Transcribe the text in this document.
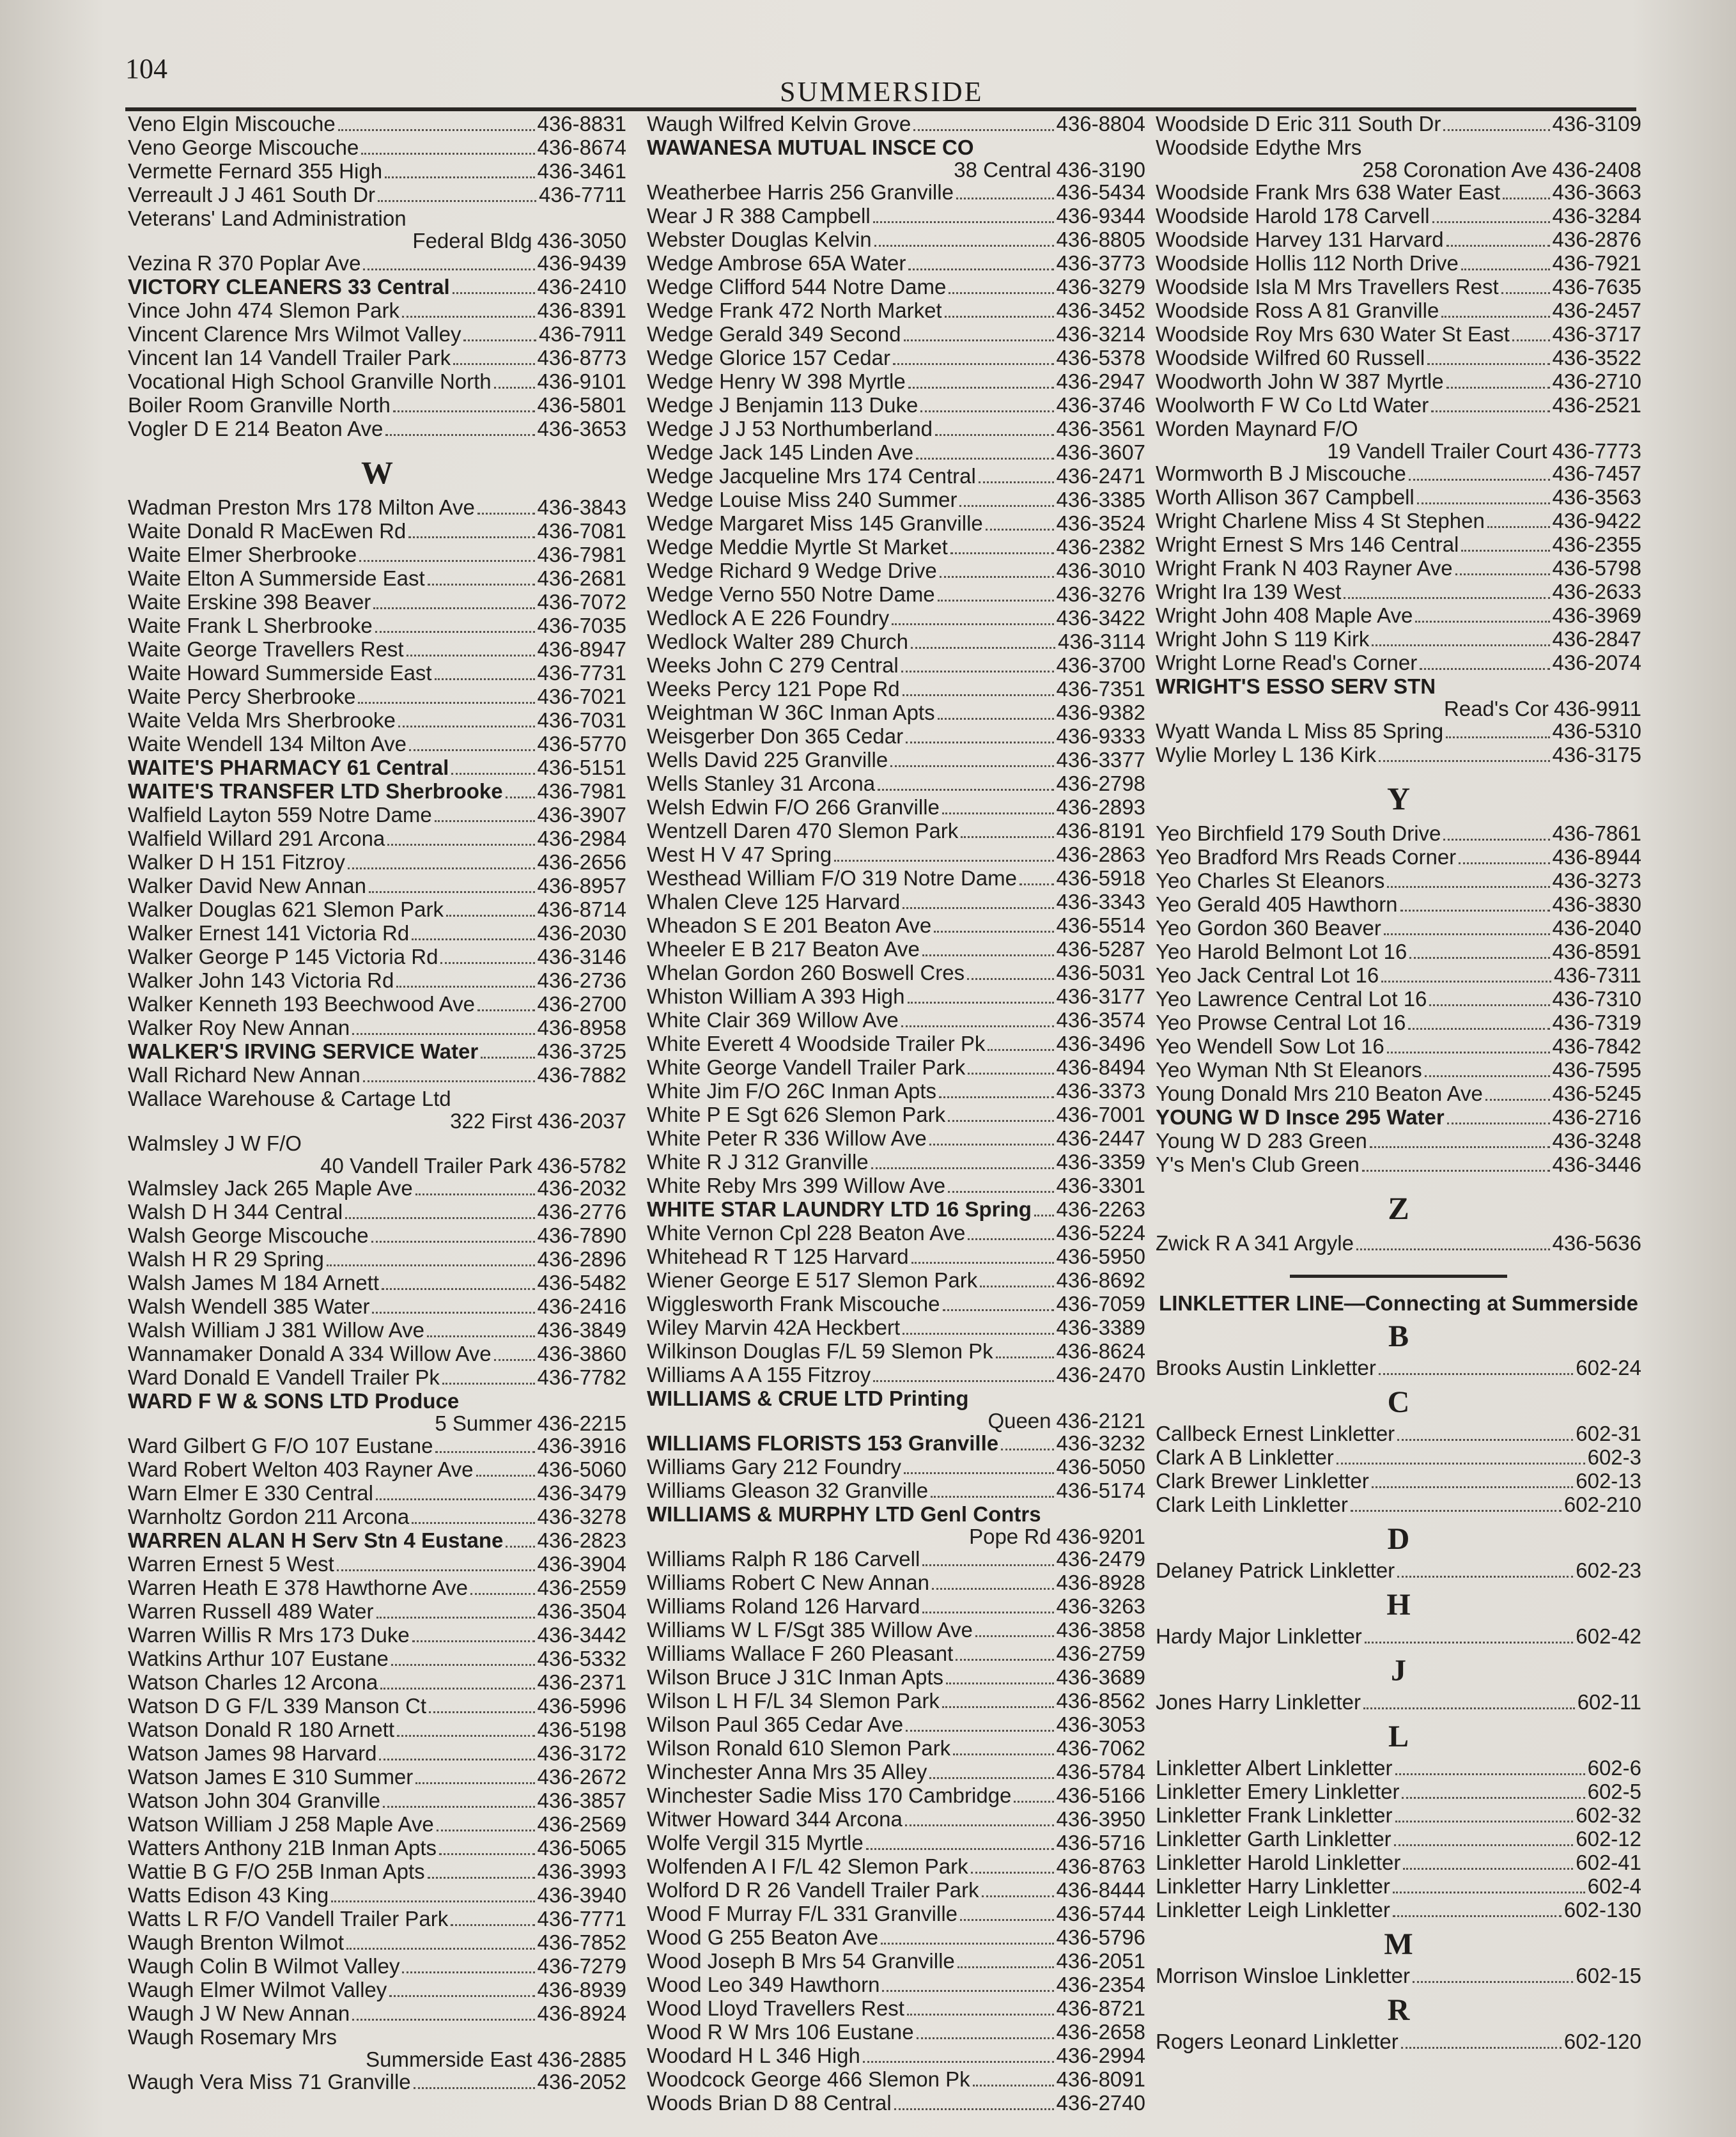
104
SUMMERSIDE
Veno Elgin Miscouche	436-8831
Veno George Miscouche	436-8674
Vermette Fernard 355 High	436-3461
Verreault J J 461 South Dr	436-7711
Veterans' Land Administration
Federal Bldg 436-3050
Vezina R 370 Poplar Ave	436-9439
VICTORY CLEANERS 33 Central	436-2410
Vince John 474 Slemon Park	436-8391
Vincent Clarence Mrs Wilmot Valley	436-7911
Vincent Ian 14 Vandell Trailer Park	436-8773
Vocational High School Granville North 436-9101
Boiler Room Granville North	436-5801
Vogler D E 214 Beaton Ave	436-3653
W
Wadman Preston Mrs 178 Milton Ave	436-3843
Waite Donald R MacEwen Rd	436-7081
Waite Elmer Sherbrooke	436-7981
Waite Elton A Summerside East	436-2681
Waite Erskine 398 Beaver	436-7072
Waite Frank L Sherbrooke	436-7035
Waite George Travellers Rest	436-8947
Waite Howard Summerside East	436-7731
Waite Percy Sherbrooke	436-7021
Waite Velda Mrs Sherbrooke	436-7031
Waite Wendell 134 Milton Ave	436-5770
WAITE'S PHARMACY 61 Central	436-5151
WAITE'S TRANSFER LTD Sherbrooke 436-7981
Walfield Layton 559 Notre Dame	436-3907
Walfield Willard 291 Arcona	436-2984
Walker D H 151 Fitzroy	436-2656
Walker David New Annan	436-8957
Walker Douglas 621 Slemon Park	436-8714
Walker Ernest 141 Victoria Rd	436-2030
Walker George P 145 Victoria Rd	436-3146
Walker John 143 Victoria Rd	436-2736
Walker Kenneth 193 Beechwood Ave	436-2700
Walker Roy New Annan	436-8958
WALKER'S IRVING SERVICE Water	436-3725
Wall Richard New Annan	436-7882
Wallace Warehouse & Cartage Ltd
322 First 436-2037
Walmsley J W F/O
40 Vandell Trailer Park 436-5782
Walmsley Jack 265 Maple Ave	436-2032
Walsh D H 344 Central	436-2776
Walsh George Miscouche	436-7890
Walsh H R 29 Spring	436-2896
Walsh James M 184 Arnett	436-5482
Walsh Wendell 385 Water	436-2416
Walsh William J 381 Willow Ave	436-3849
Wannamaker Donald A 334 Willow Ave 436-3860
Ward Donald E Vandell Trailer Pk	436-7782
WARD F W & SONS LTD Produce
5 Summer 436-2215
Ward Gilbert G F/O 107 Eustane	436-3916
Ward Robert Welton 403 Rayner Ave	436-5060
Warn Elmer E 330 Central	436-3479
Warnholtz Gordon 211 Arcona	436-3278
WARREN ALAN H Serv Stn 4 Eustane 436-2823
Warren Ernest 5 West	436-3904
Warren Heath E 378 Hawthorne Ave	436-2559
Warren Russell 489 Water	436-3504
Warren Willis R Mrs 173 Duke	436-3442
Watkins Arthur 107 Eustane	436-5332
Watson Charles 12 Arcona	436-2371
Watson D G F/L 339 Manson Ct	436-5996
Watson Donald R 180 Arnett	436-5198
Watson James 98 Harvard	436-3172
Watson James E 310 Summer	436-2672
Watson John 304 Granville	436-3857
Watson William J 258 Maple Ave	436-2569
Watters Anthony 21B Inman Apts	436-5065
Wattie B G F/O 25B Inman Apts	436-3993
Watts Edison 43 King	436-3940
Watts L R F/O Vandell Trailer Park	436-7771
Waugh Brenton Wilmot	436-7852
Waugh Colin B Wilmot Valley	436-7279
Waugh Elmer Wilmot Valley	436-8939
Waugh J W New Annan	436-8924
Waugh Rosemary Mrs
Summerside East 436-2885
Waugh Vera Miss 71 Granville	436-2052
Waugh Wilfred Kelvin Grove	436-8804
WAWANESA MUTUAL INSCE CO
38 Central 436-3190
Weatherbee Harris 256 Granville	436-5434
Wear J R 388 Campbell	436-9344
Webster Douglas Kelvin	436-8805
Wedge Ambrose 65A Water	436-3773
Wedge Clifford 544 Notre Dame	436-3279
Wedge Frank 472 North Market	436-3452
Wedge Gerald 349 Second	436-3214
Wedge Glorice 157 Cedar	436-5378
Wedge Henry W 398 Myrtle	436-2947
Wedge J Benjamin 113 Duke	436-3746
Wedge J J 53 Northumberland	436-3561
Wedge Jack 145 Linden Ave	436-3607
Wedge Jacqueline Mrs 174 Central	436-2471
Wedge Louise Miss 240 Summer	436-3385
Wedge Margaret Miss 145 Granville	436-3524
Wedge Meddie Myrtle St Market	436-2382
Wedge Richard 9 Wedge Drive	436-3010
Wedge Verno 550 Notre Dame	436-3276
Wedlock A E 226 Foundry	436-3422
Wedlock Walter 289 Church	436-3114
Weeks John C 279 Central	436-3700
Weeks Percy 121 Pope Rd	436-7351
Weightman W 36C Inman Apts	436-9382
Weisgerber Don 365 Cedar	436-9333
Wells David 225 Granville	436-3377
Wells Stanley 31 Arcona	436-2798
Welsh Edwin F/O 266 Granville	436-2893
Wentzell Daren 470 Slemon Park	436-8191
West H V 47 Spring	436-2863
Westhead William F/O 319 Notre Dame 436-5918
Whalen Cleve 125 Harvard	436-3343
Wheadon S E 201 Beaton Ave	436-5514
Wheeler E B 217 Beaton Ave	436-5287
Whelan Gordon 260 Boswell Cres	436-5031
Whiston William A 393 High	436-3177
White Clair 369 Willow Ave	436-3574
White Everett 4 Woodside Trailer Pk	436-3496
White George Vandell Trailer Park	436-8494
White Jim F/O 26C Inman Apts	436-3373
White P E Sgt 626 Slemon Park	436-7001
White Peter R 336 Willow Ave	436-2447
White R J 312 Granville	436-3359
White Reby Mrs 399 Willow Ave	436-3301
WHITE STAR LAUNDRY LTD 16 Spring 436-2263
White Vernon Cpl 228 Beaton Ave	436-5224
Whitehead R T 125 Harvard	436-5950
Wiener George E 517 Slemon Park	436-8692
Wigglesworth Frank Miscouche	436-7059
Wiley Marvin 42A Heckbert	436-3389
Wilkinson Douglas F/L 59 Slemon Pk	436-8624
Williams A A 155 Fitzroy	436-2470
WILLIAMS & CRUE LTD Printing
Queen 436-2121
WILLIAMS FLORISTS 153 Granville	436-3232
Williams Gary 212 Foundry	436-5050
Williams Gleason 32 Granville	436-5174
WILLIAMS & MURPHY LTD Genl Contrs
Pope Rd 436-9201
Williams Ralph R 186 Carvell	436-2479
Williams Robert C New Annan	436-8928
Williams Roland 126 Harvard	436-3263
Williams W L F/Sgt 385 Willow Ave	436-3858
Williams Wallace F 260 Pleasant	436-2759
Wilson Bruce J 31C Inman Apts	436-3689
Wilson L H F/L 34 Slemon Park	436-8562
Wilson Paul 365 Cedar Ave	436-3053
Wilson Ronald 610 Slemon Park	436-7062
Winchester Anna Mrs 35 Alley	436-5784
Winchester Sadie Miss 170 Cambridge 436-5166
Witwer Howard 344 Arcona	436-3950
Wolfe Vergil 315 Myrtle	436-5716
Wolfenden A I F/L 42 Slemon Park	436-8763
Wolford D R 26 Vandell Trailer Park	436-8444
Wood F Murray F/L 331 Granville	436-5744
Wood G 255 Beaton Ave	436-5796
Wood Joseph B Mrs 54 Granville	436-2051
Wood Leo 349 Hawthorn	436-2354
Wood Lloyd Travellers Rest	436-8721
Wood R W Mrs 106 Eustane	436-2658
Woodard H L 346 High	436-2994
Woodcock George 466 Slemon Pk	436-8091
Woods Brian D 88 Central	436-2740
Woodside D Eric 311 South Dr	436-3109
Woodside Edythe Mrs
258 Coronation Ave 436-2408
Woodside Frank Mrs 638 Water East 436-3663
Woodside Harold 178 Carvell	436-3284
Woodside Harvey 131 Harvard	436-2876
Woodside Hollis 112 North Drive	436-7921
Woodside Isla M Mrs Travellers Rest	436-7635
Woodside Ross A 81 Granville	436-2457
Woodside Roy Mrs 630 Water St East 436-3717
Woodside Wilfred 60 Russell	436-3522
Woodworth John W 387 Myrtle	436-2710
Woolworth F W Co Ltd Water	436-2521
Worden Maynard F/O
19 Vandell Trailer Court 436-7773
Wormworth B J Miscouche	436-7457
Worth Allison 367 Campbell	436-3563
Wright Charlene Miss 4 St Stephen	436-9422
Wright Ernest S Mrs 146 Central	436-2355
Wright Frank N 403 Rayner Ave	436-5798
Wright Ira 139 West	436-2633
Wright John 408 Maple Ave	436-3969
Wright John S 119 Kirk	436-2847
Wright Lorne Read's Corner	436-2074
WRIGHT'S ESSO SERV STN
Read's Cor 436-9911
Wyatt Wanda L Miss 85 Spring	436-5310
Wylie Morley L 136 Kirk	436-3175
Y
Yeo Birchfield 179 South Drive	436-7861
Yeo Bradford Mrs Reads Corner	436-8944
Yeo Charles St Eleanors	436-3273
Yeo Gerald 405 Hawthorn	436-3830
Yeo Gordon 360 Beaver	436-2040
Yeo Harold Belmont Lot 16	436-8591
Yeo Jack Central Lot 16	436-7311
Yeo Lawrence Central Lot 16	436-7310
Yeo Prowse Central Lot 16	436-7319
Yeo Wendell Sow Lot 16	436-7842
Yeo Wyman Nth St Eleanors	436-7595
Young Donald Mrs 210 Beaton Ave	436-5245
YOUNG W D Insce 295 Water	436-2716
Young W D 283 Green	436-3248
Y's Men's Club Green	436-3446
Z
Zwick R A 341 Argyle	436-5636
LINKLETTER LINE—Connecting at Summerside
B
Brooks Austin Linkletter	602-24
C
Callbeck Ernest Linkletter	602-31
Clark A B Linkletter	602-3
Clark Brewer Linkletter	602-13
Clark Leith Linkletter	602-210
D
Delaney Patrick Linkletter	602-23
H
Hardy Major Linkletter	602-42
J
Jones Harry Linkletter	602-11
L
Linkletter Albert Linkletter	602-6
Linkletter Emery Linkletter	602-5
Linkletter Frank Linkletter	602-32
Linkletter Garth Linkletter	602-12
Linkletter Harold Linkletter	602-41
Linkletter Harry Linkletter	602-4
Linkletter Leigh Linkletter	602-130
M
Morrison Winsloe Linkletter	602-15
R
Rogers Leonard Linkletter	602-120
